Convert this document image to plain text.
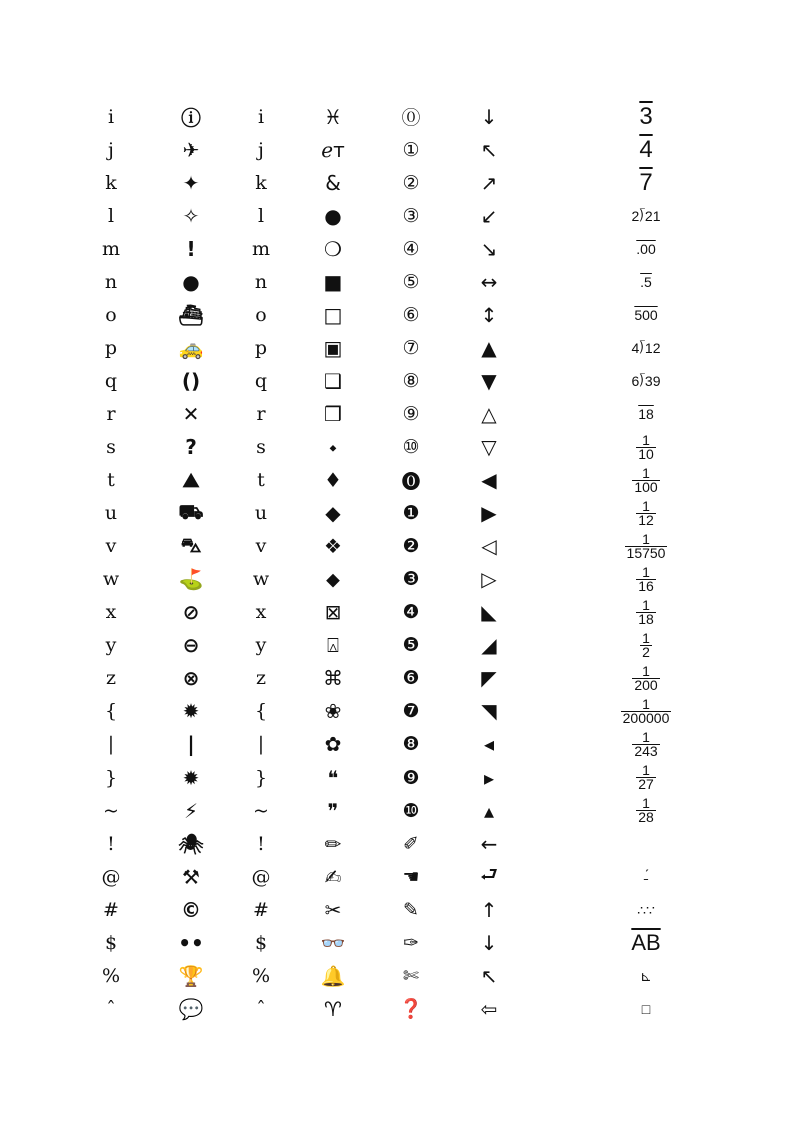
i	ⓘ	i	♓	⓪	↓	3
j	✈	j	ℯт	①	↖	4
k	✦	k	&	②	↗	7
l	✧	l	●	③	↙	2⟌21
m	!	m	❍	④	↘	.00
n	●	n	■	⑤	↔	.5
o	⛴	o	□	⑥	↕	500
p	🚕	p	▣	⑦	▲	4⟌12
q	()	q	❑	⑧	▼	6⟌39
r	✕	r	❒	⑨	△	18
s	?	s	⬩	⑩	▽	$\frac{1}{10}$
t	⛰	t	♦	⓿	◀	$\frac{1}{100}$
u	⛟	u	◆	❶	▶	$\frac{1}{12}$
v	⛍	v	❖	❷	◁	$\frac{1}{15750}$
w	⛳	w	⬥	❸	▷	$\frac{1}{16}$
x	⊘	x	⊠	❹	◣	$\frac{1}{18}$
y	⊖	y	⍓	❺	◢	$\frac{1}{2}$
z	⊗	z	⌘	❻	◤	$\frac{1}{200}$
{	✹	{	❀	❼	◥	$\frac{1}{200000}$
|	|	|	✿	❽	◂	$\frac{1}{243}$
}	✹	}	❝	❾	▸	$\frac{1}{27}$
~	⚡	~	❞	❿	▴	$\frac{1}{28}$
!	🕷	!	✏	✐	←
@	⚒	@	✍	☚	⮐	˗́
#	©	#	✂	✎	↑	∴∵
$	••	$	👓	✑	↓	$\overline{AB}$
%	🏆	%	🔔	✄	↖	⊾
ˆ	💬	ˆ	♈	❓	⇦	□
